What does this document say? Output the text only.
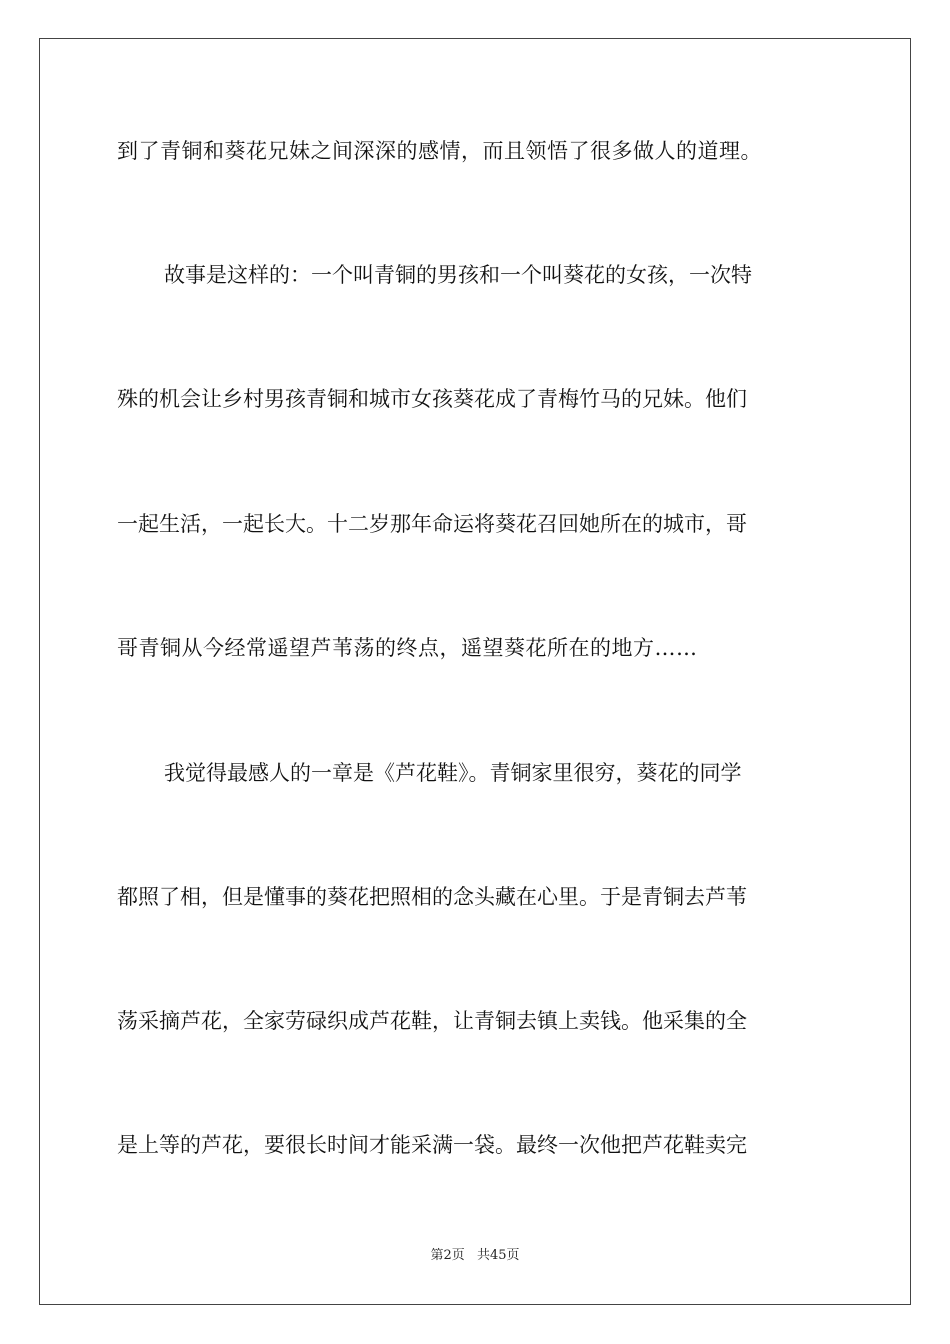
到了青铜和葵花兄妹之间深深的感情，而且领悟了很多做人的道理。
故事是这样的：一个叫青铜的男孩和一个叫葵花的女孩，一次特
殊的机会让乡村男孩青铜和城市女孩葵花成了青梅竹马的兄妹。他们
一起生活，一起长大。十二岁那年命运将葵花召回她所在的城市，哥
哥青铜从今经常遥望芦苇荡的终点，遥望葵花所在的地方……
我觉得最感人的一章是《芦花鞋》。青铜家里很穷，葵花的同学
都照了相，但是懂事的葵花把照相的念头藏在心里。于是青铜去芦苇
荡采摘芦花，全家劳碌织成芦花鞋，让青铜去镇上卖钱。他采集的全
是上等的芦花，要很长时间才能采满一袋。最终一次他把芦花鞋卖完
第2页 共45页
